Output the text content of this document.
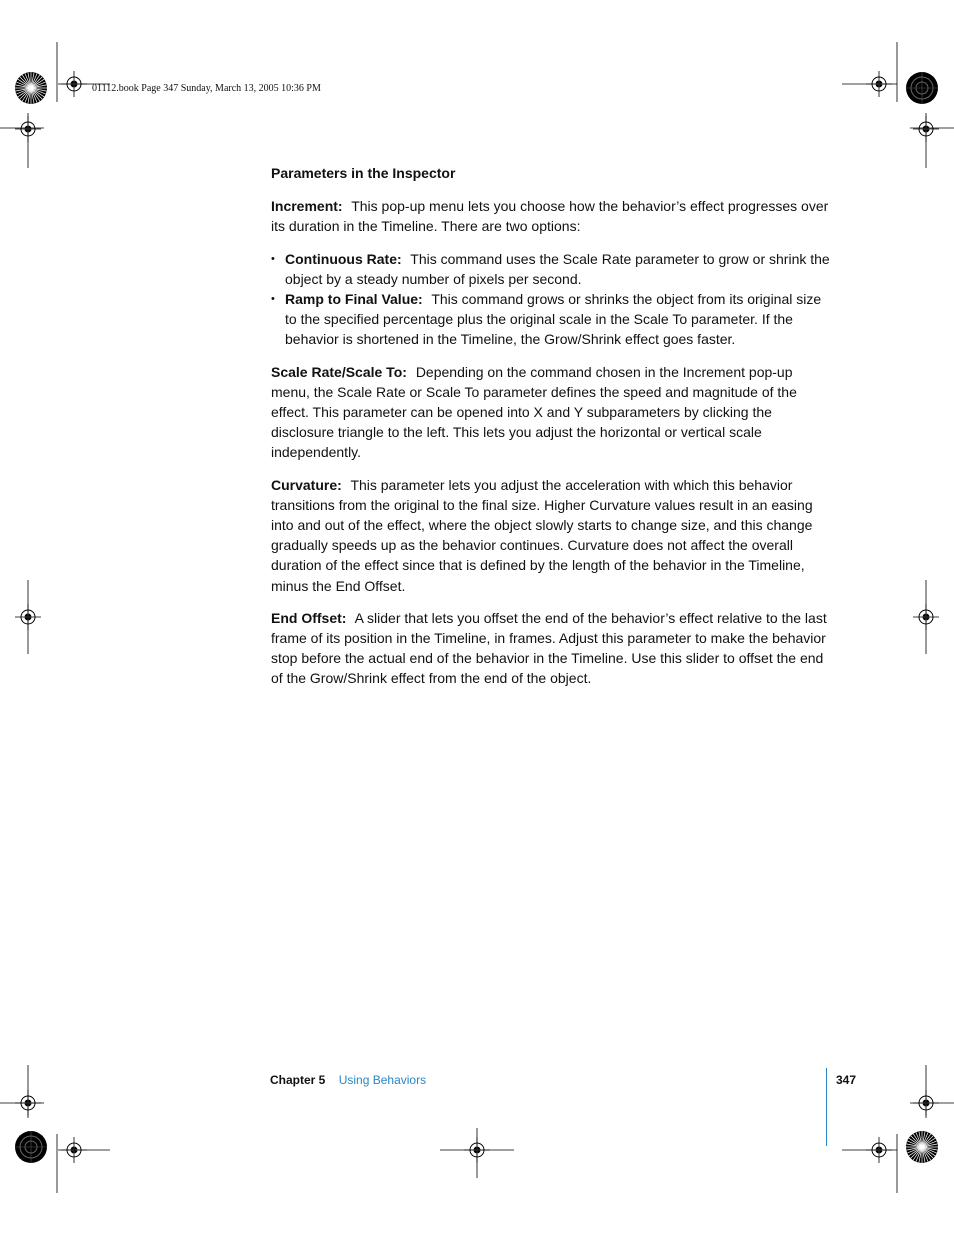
01112.book Page 347 Sunday, March 13, 2005 10:36 PM
Parameters in the Inspector

Increment: This pop-up menu lets you choose how the behavior’s effect progresses over its duration in the Timeline. There are two options:

• Continuous Rate: This command uses the Scale Rate parameter to grow or shrink the object by a steady number of pixels per second.
• Ramp to Final Value: This command grows or shrinks the object from its original size to the specified percentage plus the original scale in the Scale To parameter. If the behavior is shortened in the Timeline, the Grow/Shrink effect goes faster.

Scale Rate/Scale To: Depending on the command chosen in the Increment pop-up menu, the Scale Rate or Scale To parameter defines the speed and magnitude of the effect. This parameter can be opened into X and Y subparameters by clicking the disclosure triangle to the left. This lets you adjust the horizontal or vertical scale independently.

Curvature: This parameter lets you adjust the acceleration with which this behavior transitions from the original to the final size. Higher Curvature values result in an easing into and out of the effect, where the object slowly starts to change size, and this change gradually speeds up as the behavior continues. Curvature does not affect the overall duration of the effect since that is defined by the length of the behavior in the Timeline, minus the End Offset.

End Offset: A slider that lets you offset the end of the behavior’s effect relative to the last frame of its position in the Timeline, in frames. Adjust this parameter to make the behavior stop before the actual end of the behavior in the Timeline. Use this slider to offset the end of the Grow/Shrink effect from the end of the object.

Chapter 5 Using Behaviors	347
